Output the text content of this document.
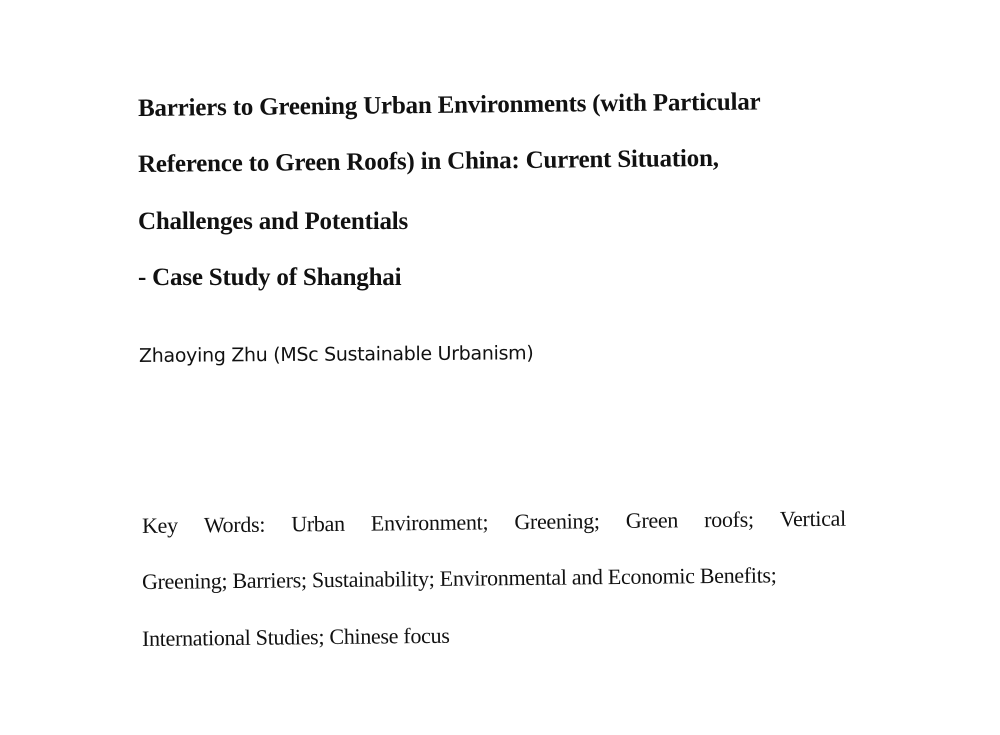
Barriers to Greening Urban Environments (with Particular
Reference to Green Roofs) in China: Current Situation,
Challenges and Potentials
- Case Study of Shanghai
Zhaoying Zhu (MSc Sustainable Urbanism)
Key Words: Urban Environment; Greening; Green roofs; Vertical
Greening; Barriers; Sustainability; Environmental and Economic Benefits;
International Studies; Chinese focus
